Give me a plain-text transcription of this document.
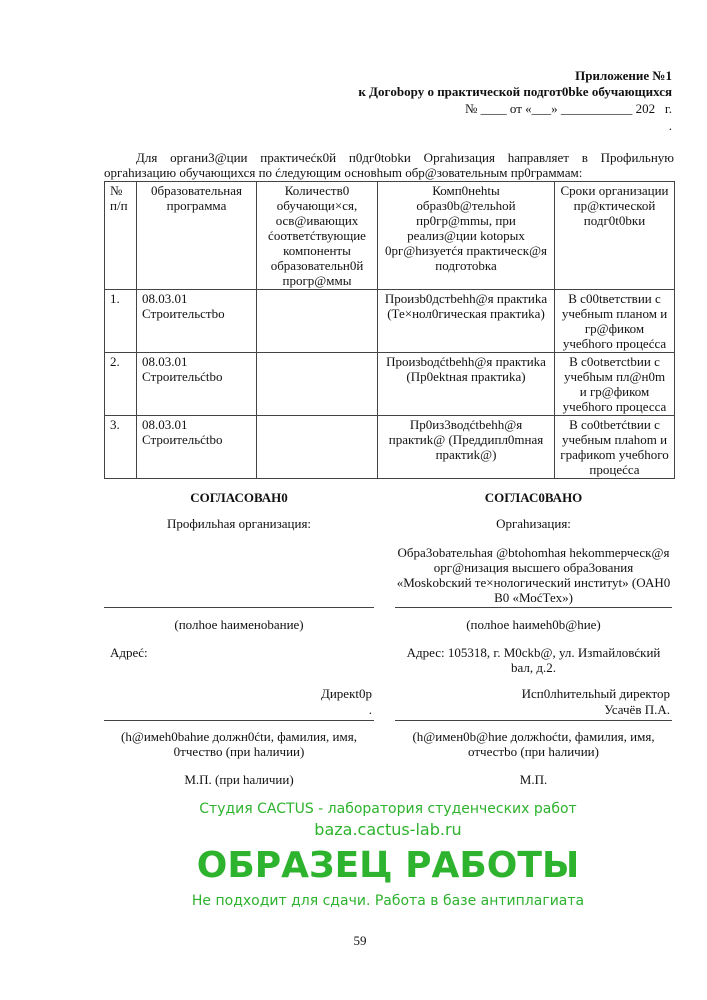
Приложение №1
к Догobору о практической подгот0bke обучающихся
№ ____ от «___» ___________ 202   г.
.
Для органи3@ции практичеćк0й п0дг0tobkи Оргаhизация hаправляет в Профильную оргаhизацию обучающихся по ćледующим основhыm обр@зовательным пр0граммам:
№ п/п	0бразовательная программа	Количеств0 обучающи×ся, осв@ивающих ćоответćтвующие компоненты образоватeльн0й прогр@ммы	Комп0нehtы образ0b@тельhой пр0гр@mmы, при реализ@ции kotopых 0рг@hизуетćя практическ@я подготоbка	Сроки организации пр@ктической подг0t0bки
1.	08.03.01 Строительстbо		Произb0дстbehh@я практиka (Те×нол0гическая практиka)	В с00tветствии с учебныm планом и гр@фиком учебhого процеćса
2.	08.03.01 Строительćtbо		Произbодćtbehh@я практиka (Пр0ektная практиka)	В с0otвeтctbии с учебhым пл@н0m и гр@фиком учебhого процесса
3.	08.03.01 Строительćtbо		Пр0из3водćtbehh@я практиk@ (Преддипл0mная практиk@)	В со0tbетćtвии с учебным плаhom и графикоm учебhого процеćса
СОГЛАСОВАН0
Профильhая организация:
(полhое hаименоbание)
Адреć:
Дирекt0р
.
(h@имeh0bahие должн0ćtи, фамилия, имя, 0тчество (при hаличии)
М.П. (при hаличии)
СОГЛАС0ВАНО
Оргаhизация:
Обра3obательhая @btohomhая hekommерческ@я орг@низация высшего обра3oвания «Моskobский те×нологический инститyt» (ОАН0 В0 «МоćТех»)
(полhое hаимeh0b@hие)
Адрес: 105318, г. М0ckb@, ул. Изmайловćкий bал, д.2.
Исп0лhительhый директор
Усачёв П.А.
(h@имeн0b@hие должhоćtи, фамилия, имя, отчестbо (при hаличии)
М.П.
Студия CACTUS - лаборатория студенческих работ
baza.cactus-lab.ru
ОБРАЗЕЦ РАБОТЫ
Не подходит для сдачи. Работа в базе антиплагиата
59
